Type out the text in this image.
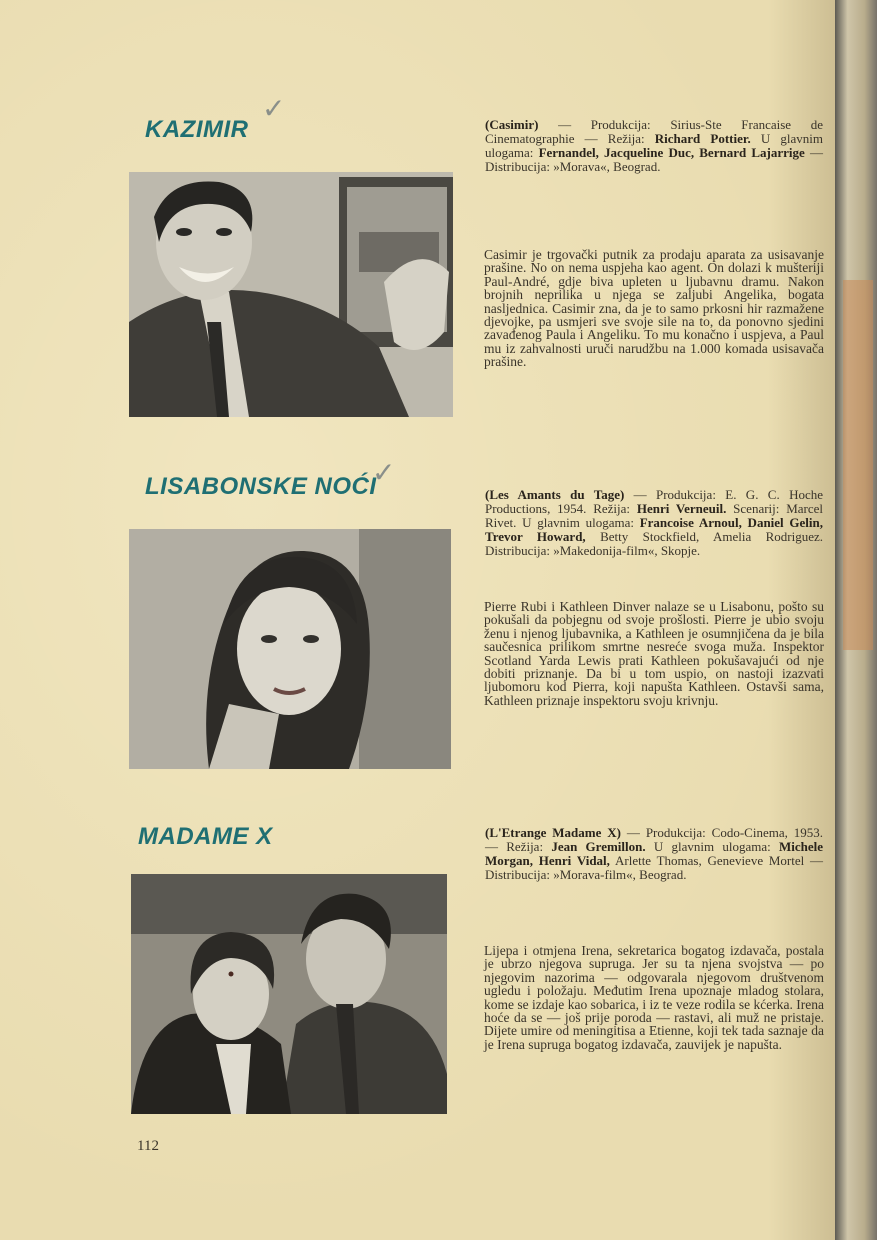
KAZIMIR
✓	(Casimir) — Produkcija: Sirius-Ste Francaise de Cinematographie — Režija: Richard Pottier. U glavnim ulogama: Fernandel, Jacqueline Duc, Bernard Lajarrige — Distribucija: »Morava«, Beograd.

Casimir je trgovački putnik za prodaju aparata za usisavanje prašine. No on nema uspjeha kao agent. On dolazi k mušteriji Paul-André, gdje biva upleten u ljubavnu dramu. Nakon brojnih neprilika u njega se zaljubi Angelika, bogata nasljednica. Casimir zna, da je to samo prkosni hir razmažene djevojke, pa usmjeri sve svoje sile na to, da ponovno sjedini zavađenog Paula i Angeliku. To mu konačno i uspjeva, a Paul mu iz zahvalnosti uruči narudžbu na 1.000 komada usisavača prašine.

LISABONSKE NOĆI
✓

(Les Amants du Tage) — Produkcija: E. G. C. Hoche Productions, 1954. Režija: Henri Verneuil. Scenarij: Marcel Rivet. U glavnim ulogama: Francoise Arnoul, Daniel Gelin, Trevor Howard, Betty Stockfield, Amelia Rodriguez. Distribucija: »Makedonija-film«, Skopje.

Pierre Rubi i Kathleen Dinver nalaze se u Lisabonu, pošto su pokušali da pobjegnu od svoje prošlosti. Pierre je ubio svoju ženu i njenog ljubavnika, a Kathleen je osumnjičena da je bila saučesnica prilikom smrtne nesreće svoga muža. Inspektor Scotland Yarda Lewis prati Kathleen pokušavajući od nje dobiti priznanje. Da bi u tom uspio, on nastoji izazvati ljubomoru kod Pierra, koji napušta Kathleen. Ostavši sama, Kathleen priznaje inspektoru svoju krivnju.

MADAME X	(L'Etrange Madame X) — Produkcija: Codo-Cinema, 1953. — Režija: Jean Gremillon. U glavnim ulogama: Michele Morgan, Henri Vidal, Arlette Thomas, Genevieve Mortel — Distribucija: »Morava-film«, Beograd.

Lijepa i otmjena Irena, sekretarica bogatog izdavača, postala je ubrzo njegova supruga. Jer su ta njena svojstva — po njegovim nazorima — odgovarala njegovom društvenom ugledu i položaju. Međutim Irena upoznaje mladog stolara, kome se izdaje kao sobarica, i iz te veze rodila se kćerka. Irena hoće da se — još prije poroda — rastavi, ali muž ne pristaje. Dijete umire od meningitisa a Etienne, koji tek tada saznaje da je Irena supruga bogatog izdavača, zauvijek je napušta.

112
